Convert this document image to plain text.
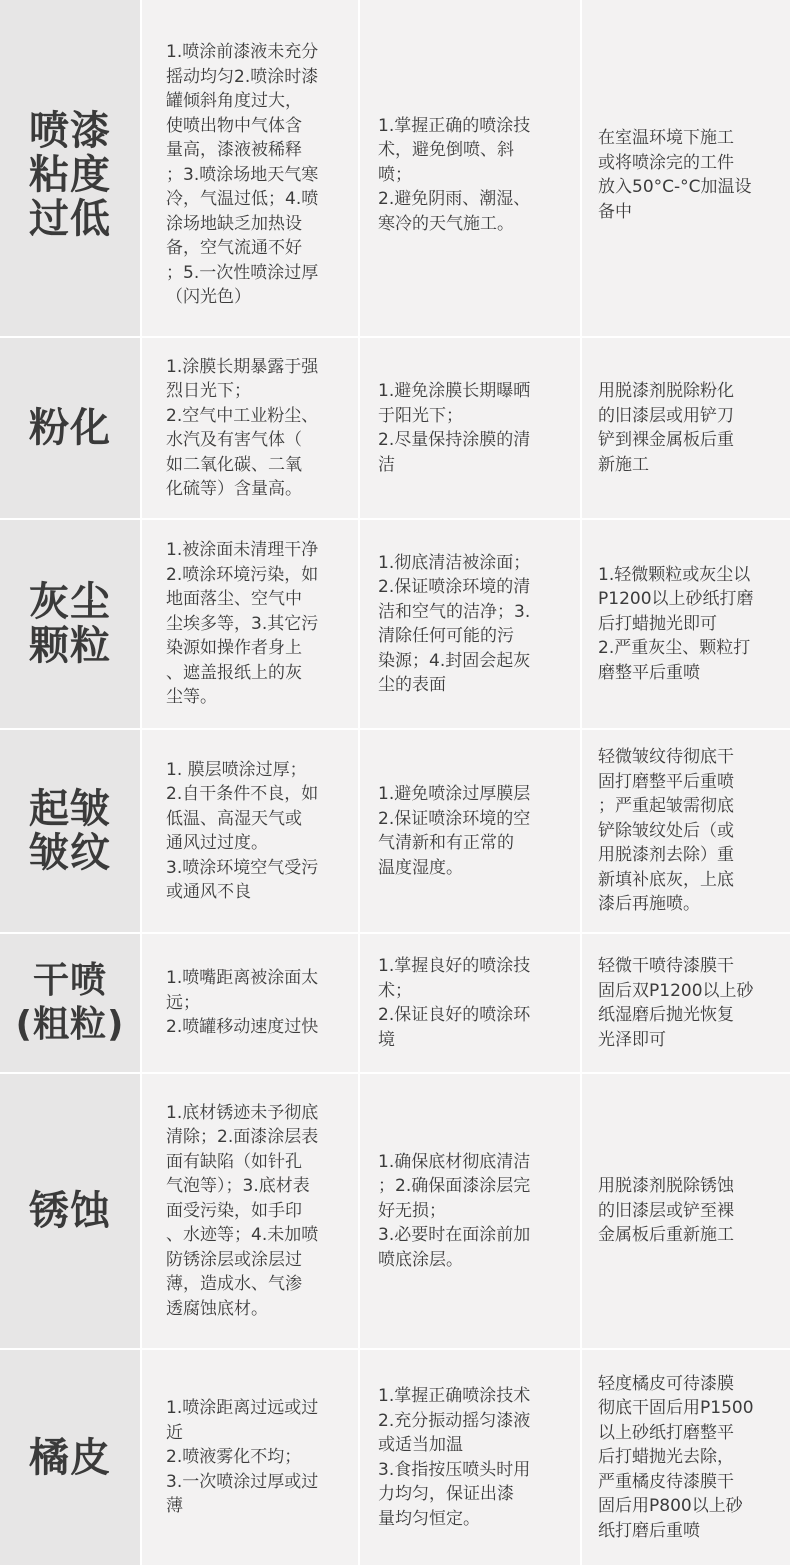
喷漆
粘度
过低
1.喷涂前漆液未充分
摇动均匀2.喷涂时漆
罐倾斜角度过大，
使喷出物中气体含
量高，漆液被稀释
；3.喷涂场地天气寒
冷，气温过低；4.喷
涂场地缺乏加热设
备，空气流通不好
；5.一次性喷涂过厚
（闪光色）
1.掌握正确的喷涂技
术，避免倒喷、斜
喷；
2.避免阴雨、潮湿、
寒冷的天气施工。
在室温环境下施工
或将喷涂完的工件
放入50°C-°C加温设
备中
粉化
1.涂膜长期暴露于强
烈日光下；
2.空气中工业粉尘、
水汽及有害气体（
如二氧化碳、二氧
化硫等）含量高。
1.避免涂膜长期曝晒
于阳光下；
2.尽量保持涂膜的清
洁
用脱漆剂脱除粉化
的旧漆层或用铲刀
铲到裸金属板后重
新施工
灰尘
颗粒
1.被涂面未清理干净
2.喷涂环境污染，如
地面落尘、空气中
尘埃多等，3.其它污
染源如操作者身上
、遮盖报纸上的灰
尘等。
1.彻底清洁被涂面；
2.保证喷涂环境的清
洁和空气的洁净；3.
清除任何可能的污
染源；4.封固会起灰
尘的表面
1.轻微颗粒或灰尘以
P1200以上砂纸打磨
后打蜡抛光即可
2.严重灰尘、颗粒打
磨整平后重喷
起皱
皱纹
1. 膜层喷涂过厚；
2.自干条件不良，如
低温、高湿天气或
通风过过度。
3.喷涂环境空气受污
或通风不良
1.避免喷涂过厚膜层
2.保证喷涂环境的空
气清新和有正常的
温度湿度。
轻微皱纹待彻底干
固打磨整平后重喷
；严重起皱需彻底
铲除皱纹处后（或
用脱漆剂去除）重
新填补底灰，上底
漆后再施喷。
干喷
(粗粒)
1.喷嘴距离被涂面太
远；
2.喷罐移动速度过快
1.掌握良好的喷涂技
术；
2.保证良好的喷涂环
境
轻微干喷待漆膜干
固后双P1200以上砂
纸湿磨后抛光恢复
光泽即可
锈蚀
1.底材锈迹未予彻底
清除；2.面漆涂层表
面有缺陷（如针孔
气泡等）；3.底材表
面受污染，如手印
、水迹等；4.未加喷
防锈涂层或涂层过
薄，造成水、气渗
透腐蚀底材。
1.确保底材彻底清洁
；2.确保面漆涂层完
好无损；
3.必要时在面涂前加
喷底涂层。
用脱漆剂脱除锈蚀
的旧漆层或铲至裸
金属板后重新施工
橘皮
1.喷涂距离过远或过
近
2.喷液雾化不均；
3.一次喷涂过厚或过
薄
1.掌握正确喷涂技术
2.充分振动摇匀漆液
或适当加温
3.食指按压喷头时用
力均匀，保证出漆
量均匀恒定。
轻度橘皮可待漆膜
彻底干固后用P1500
以上砂纸打磨整平
后打蜡抛光去除，
严重橘皮待漆膜干
固后用P800以上砂
纸打磨后重喷
